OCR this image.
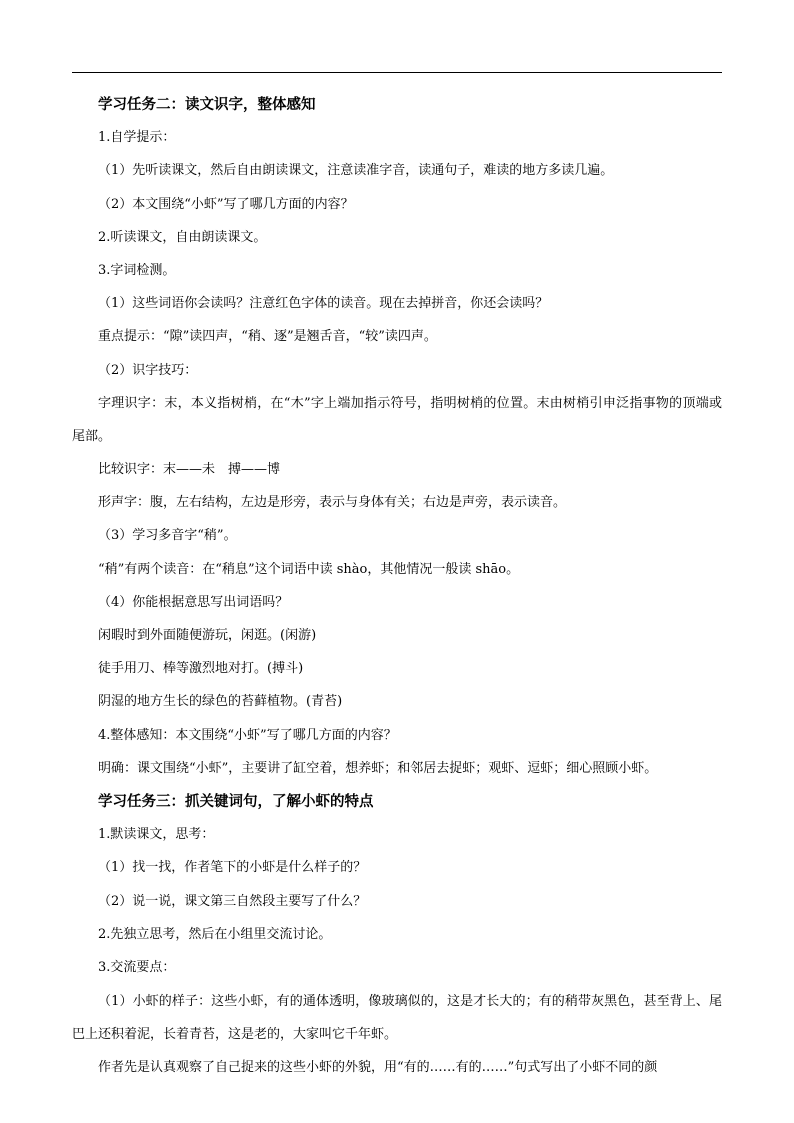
学习任务二：读文识字，整体感知
1.自学提示：
（1）先听读课文，然后自由朗读课文，注意读准字音，读通句子，难读的地方多读几遍。
（2）本文围绕“小虾”写了哪几方面的内容？
2.听读课文，自由朗读课文。
3.字词检测。
（1）这些词语你会读吗？注意红色字体的读音。现在去掉拼音，你还会读吗？
重点提示：“隙”读四声，“稍、逐”是翘舌音，“较”读四声。
（2）识字技巧：
字理识字：末，本义指树梢，在“木”字上端加指示符号，指明树梢的位置。末由树梢引申泛指事物的顶端或尾部。
比较识字：末——未　搏——博
形声字：腹，左右结构，左边是形旁，表示与身体有关；右边是声旁，表示读音。
（3）学习多音字“稍”。
“稍”有两个读音：在“稍息”这个词语中读 shào，其他情况一般读 shāo。
（4）你能根据意思写出词语吗？
闲暇时到外面随便游玩，闲逛。(闲游)
徒手用刀、棒等激烈地对打。(搏斗)
阴湿的地方生长的绿色的苔藓植物。(青苔)
4.整体感知：本文围绕“小虾”写了哪几方面的内容？
明确：课文围绕“小虾”，主要讲了缸空着，想养虾；和邻居去捉虾；观虾、逗虾；细心照顾小虾。
学习任务三：抓关键词句，了解小虾的特点
1.默读课文，思考：
（1）找一找，作者笔下的小虾是什么样子的？
（2）说一说，课文第三自然段主要写了什么？
2.先独立思考，然后在小组里交流讨论。
3.交流要点：
（1）小虾的样子：这些小虾，有的通体透明，像玻璃似的，这是才长大的；有的稍带灰黑色，甚至背上、尾巴上还积着泥，长着青苔，这是老的，大家叫它千年虾。
作者先是认真观察了自己捉来的这些小虾的外貌，用“有的……有的……”句式写出了小虾不同的颜
